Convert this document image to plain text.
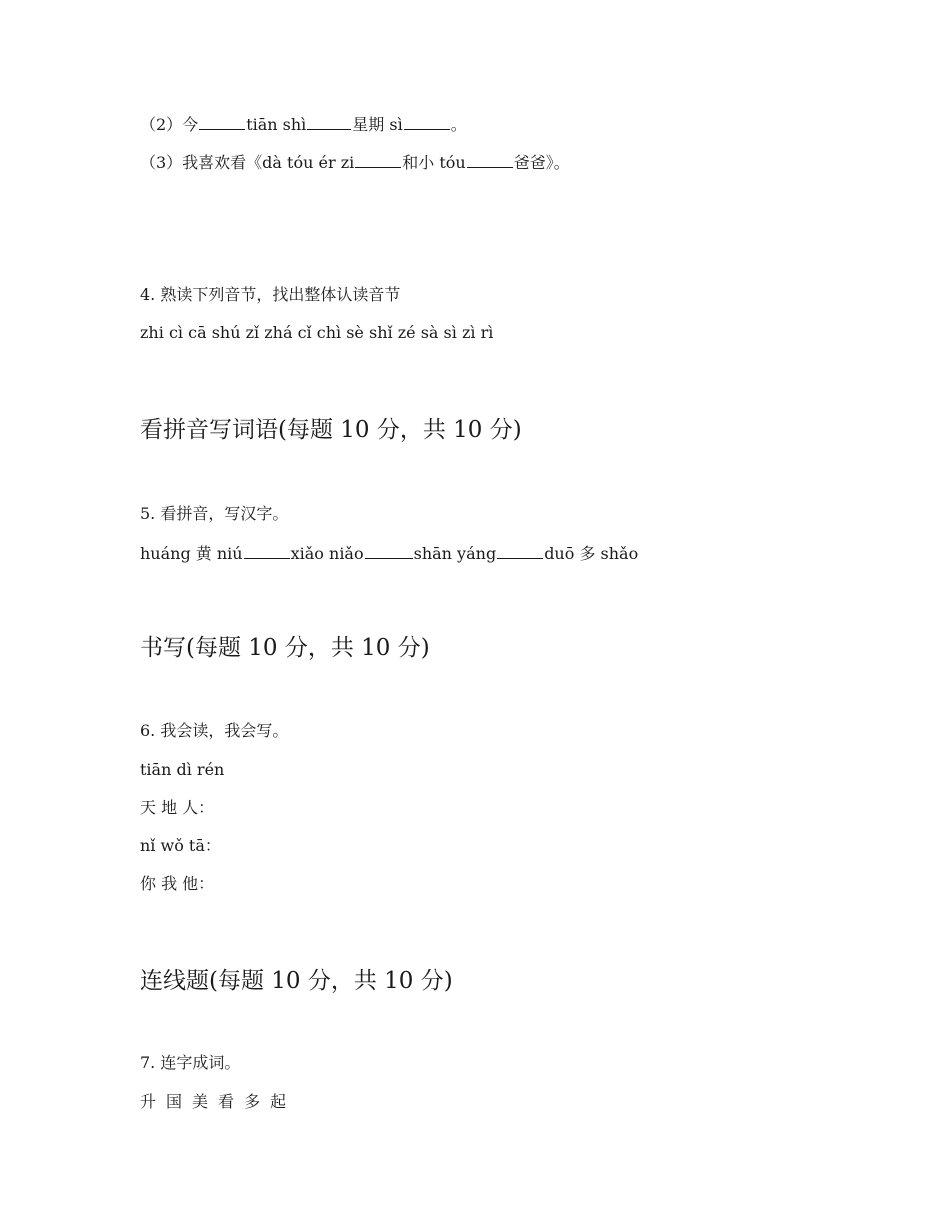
（2）今	tiān shì	星期 sì	。
（3）我喜欢看《dà tóu ér zi	和小 tóu	爸爸》。
4. 熟读下列音节，找出整体认读音节
zhi cì cā shú zǐ zhá cǐ chì sè shǐ zé sà sì zì rì
看拼音写词语(每题 10 分，共 10 分)
5. 看拼音，写汉字。
huáng 黄 niú	xiǎo niǎo	shān yáng	duō 多 shǎo
书写(每题 10 分，共 10 分)
6. 我会读，我会写。
tiān dì rén
天 地 人：
nǐ wǒ tā：
你 我 他：
连线题(每题 10 分，共 10 分)
7. 连字成词。
升 国 美 看 多 起
